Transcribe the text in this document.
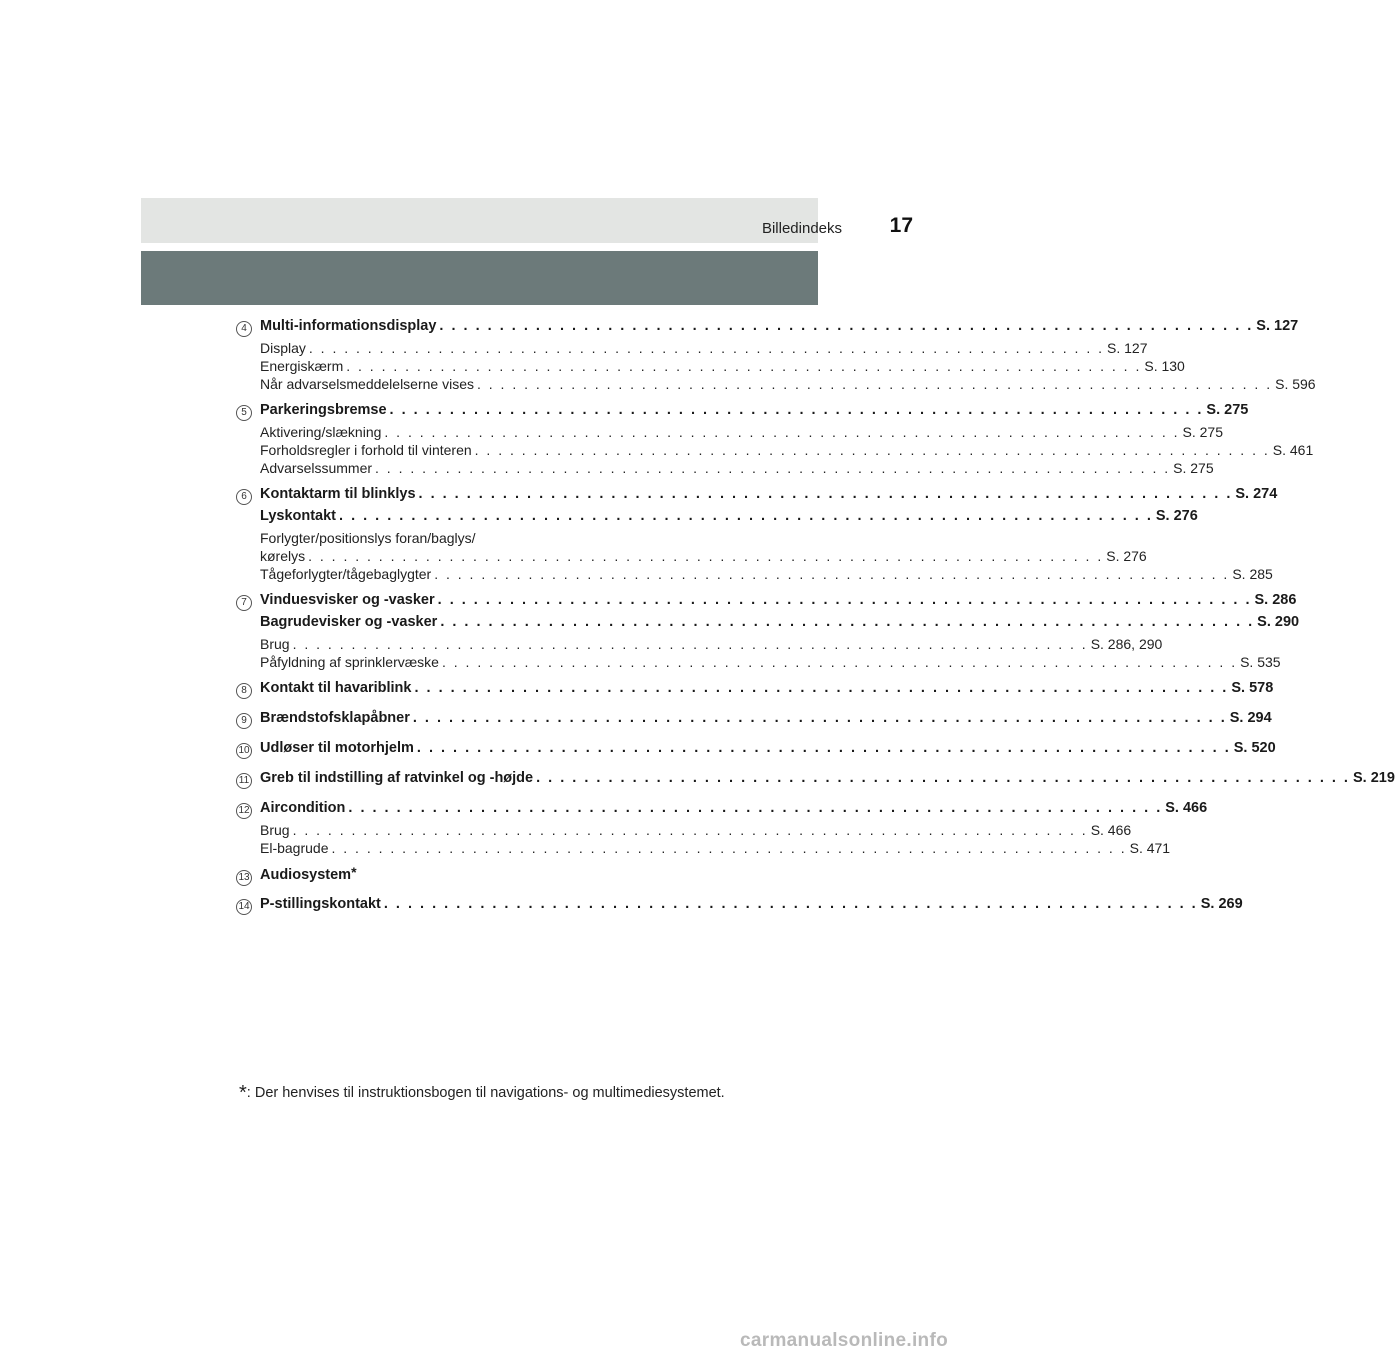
Billedindeks 17
4 Multi-informationsdisplay . . . . . . . . . . . . . . . . . . . . . . . . . . . . . . . . . . . . . . . . . . . . . . . . . . . . . . . . . . . . . . . . . . . . S. 127
Display . . . . . . . . . . . . . . . . . . . . . . . . . . . . . . . . . . . . . . . . . . . . . . . . . . . . . . . . . . . . . . . . . . . . S. 127
Energiskærm . . . . . . . . . . . . . . . . . . . . . . . . . . . . . . . . . . . . . . . . . . . . . . . . . . . . . . . . . . . . . . . . . . . . S. 130
Når advarselsmeddelelserne vises . . . . . . . . . . . . . . . . . . . . . . . . . . . . . . . . . . . . . . . . . . . . . . . . . . . . . . . . . . . . . . . . . . . . S. 596
5 Parkeringsbremse . . . . . . . . . . . . . . . . . . . . . . . . . . . . . . . . . . . . . . . . . . . . . . . . . . . . . . . . . . . . . . . . . . . . S. 275
Aktivering/slækning . . . . . . . . . . . . . . . . . . . . . . . . . . . . . . . . . . . . . . . . . . . . . . . . . . . . . . . . . . . . . . . . . . . . S. 275
Forholdsregler i forhold til vinteren . . . . . . . . . . . . . . . . . . . . . . . . . . . . . . . . . . . . . . . . . . . . . . . . . . . . . . . . . . . . . . . . . . . . S. 461
Advarselssummer . . . . . . . . . . . . . . . . . . . . . . . . . . . . . . . . . . . . . . . . . . . . . . . . . . . . . . . . . . . . . . . . . . . . S. 275
6 Kontaktarm til blinklys . . . . . . . . . . . . . . . . . . . . . . . . . . . . . . . . . . . . . . . . . . . . . . . . . . . . . . . . . . . . . . . . . . . . S. 274
Lyskontakt . . . . . . . . . . . . . . . . . . . . . . . . . . . . . . . . . . . . . . . . . . . . . . . . . . . . . . . . . . . . . . . . . . . . S. 276
Forlygter/positionslys foran/baglys/
kørelys . . . . . . . . . . . . . . . . . . . . . . . . . . . . . . . . . . . . . . . . . . . . . . . . . . . . . . . . . . . . . . . . . . . . S. 276
Tågeforlygter/tågebaglygter . . . . . . . . . . . . . . . . . . . . . . . . . . . . . . . . . . . . . . . . . . . . . . . . . . . . . . . . . . . . . . . . . . . . S. 285
7 Vinduesvisker og -vasker . . . . . . . . . . . . . . . . . . . . . . . . . . . . . . . . . . . . . . . . . . . . . . . . . . . . . . . . . . . . . . . . . . . . S. 286
Bagrudevisker og -vasker . . . . . . . . . . . . . . . . . . . . . . . . . . . . . . . . . . . . . . . . . . . . . . . . . . . . . . . . . . . . . . . . . . . . S. 290
Brug . . . . . . . . . . . . . . . . . . . . . . . . . . . . . . . . . . . . . . . . . . . . . . . . . . . . . . . . . . . . . . . . . . . . S. 286, 290
Påfyldning af sprinklervæske . . . . . . . . . . . . . . . . . . . . . . . . . . . . . . . . . . . . . . . . . . . . . . . . . . . . . . . . . . . . . . . . . . . . S. 535
8 Kontakt til havariblink . . . . . . . . . . . . . . . . . . . . . . . . . . . . . . . . . . . . . . . . . . . . . . . . . . . . . . . . . . . . . . . . . . . . S. 578
9 Brændstofsklapåbner . . . . . . . . . . . . . . . . . . . . . . . . . . . . . . . . . . . . . . . . . . . . . . . . . . . . . . . . . . . . . . . . . . . . S. 294
10 Udløser til motorhjelm . . . . . . . . . . . . . . . . . . . . . . . . . . . . . . . . . . . . . . . . . . . . . . . . . . . . . . . . . . . . . . . . . . . . S. 520
11 Greb til indstilling af ratvinkel og -højde . . . . . . . . . . . . . . . . . . . . . . . . . . . . . . . . . . . . . . . . . . . . . . . . . . . . . . . . . . . . . . . . . . . . S. 219
12 Aircondition . . . . . . . . . . . . . . . . . . . . . . . . . . . . . . . . . . . . . . . . . . . . . . . . . . . . . . . . . . . . . . . . . . . . S. 466
Brug . . . . . . . . . . . . . . . . . . . . . . . . . . . . . . . . . . . . . . . . . . . . . . . . . . . . . . . . . . . . . . . . . . . . S. 466
El-bagrude . . . . . . . . . . . . . . . . . . . . . . . . . . . . . . . . . . . . . . . . . . . . . . . . . . . . . . . . . . . . . . . . . . . . S. 471
13 Audiosystem*
14 P-stillingskontakt . . . . . . . . . . . . . . . . . . . . . . . . . . . . . . . . . . . . . . . . . . . . . . . . . . . . . . . . . . . . . . . . . . . . S. 269
*: Der henvises til instruktionsbogen til navigations- og multimediesystemet.
carmanualsonline.info
